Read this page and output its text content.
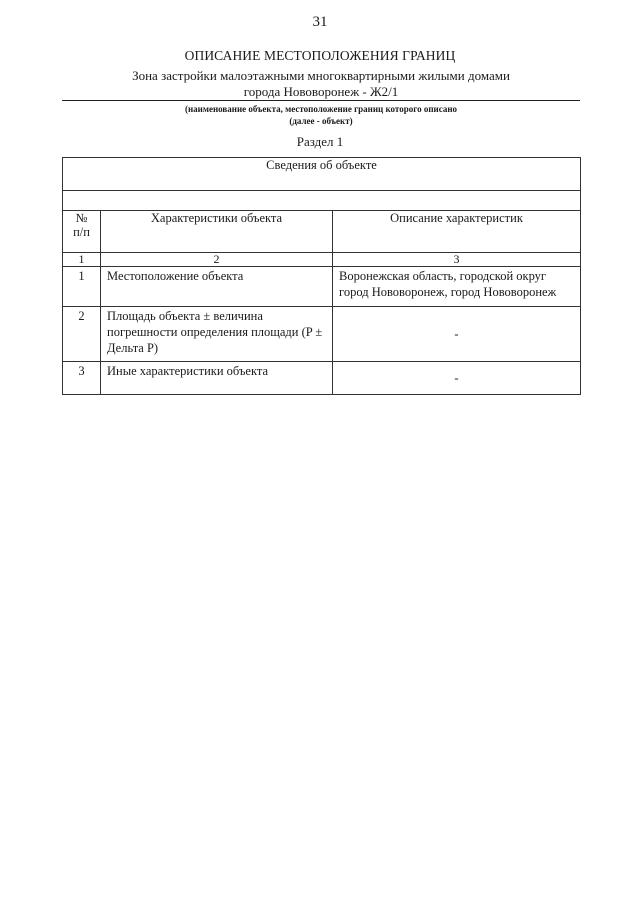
31
ОПИСАНИЕ МЕСТОПОЛОЖЕНИЯ ГРАНИЦ
Зона застройки малоэтажными многоквартирными жилыми домами
города Нововоронеж - Ж2/1
(наименование объекта, местоположение границ которого описано
(далее - объект)
Раздел 1
Сведения об объекте		

№
п/п	Характеристики объекта	Описание характеристик
1	2	3
1	Местоположение объекта	Воронежская область, городской округ город Нововоронеж, город Нововоронеж
2	Площадь объекта ± величина погрешности определения площади (P ± Дельта P)	-
3	Иные характеристики объекта	-
